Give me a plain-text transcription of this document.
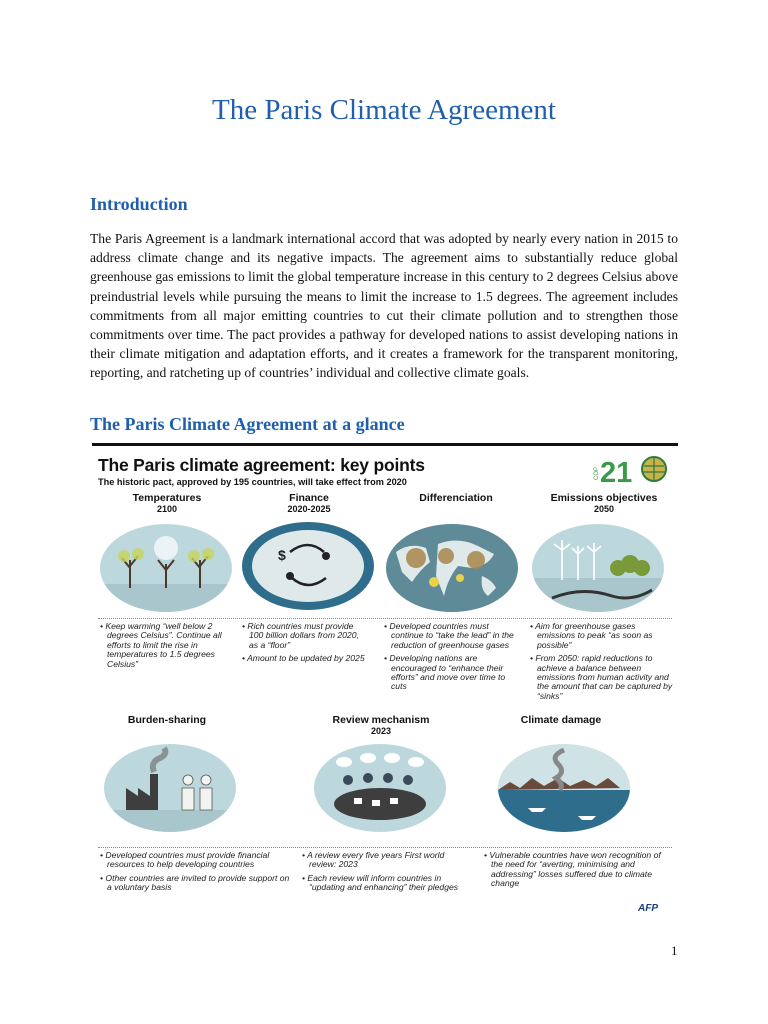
The Paris Climate Agreement
Introduction
The Paris Agreement is a landmark international accord that was adopted by nearly every nation in 2015 to address climate change and its negative impacts. The agreement aims to substantially reduce global greenhouse gas emissions to limit the global temperature increase in this century to 2 degrees Celsius above preindustrial levels while pursuing the means to limit the increase to 1.5 degrees. The agreement includes commitments from all major emitting countries to cut their climate pollution and to strengthen those commitments over time. The pact provides a pathway for developed nations to assist developing nations in their climate mitigation and adaptation efforts, and it creates a framework for the transparent monitoring, reporting, and ratcheting up of countries’ individual and collective climate goals.
The Paris Climate Agreement at a glance
The Paris climate agreement: key points
The historic pact, approved by 195 countries, will take effect from 2020
COP 21
Temperatures
2100
Finance
2020-2025
Differenciation	Emissions objectives
2050
$
• Keep warming “well below 2 degrees Celsius”. Continue all efforts to limit the rise in temperatures to 1.5 degrees Celsius”
• Rich countries must provide 100 billion dollars from 2020, as a “floor”
• Amount to be updated by 2025
• Developed countries must continue to “take the lead” in the reduction of greenhouse gases
• Developing nations are encouraged to “enhance their efforts” and move over time to cuts
• Aim for greenhouse gases emissions to peak “as soon as possible”
• From 2050: rapid reductions to achieve a balance between emissions from human activity and the amount that can be captured by “sinks”
Burden-sharing	Review mechanism
2023
Climate damage
• Developed countries must provide financial resources to help developing countries
• Other countries are invited to provide support on a voluntary basis
• A review every five years First world review: 2023
• Each review will inform countries in “updating and enhancing” their pledges
• Vulnerable countries have won recognition of the need for “averting, minimising and addressing” losses suffered due to climate change
AFP
1
